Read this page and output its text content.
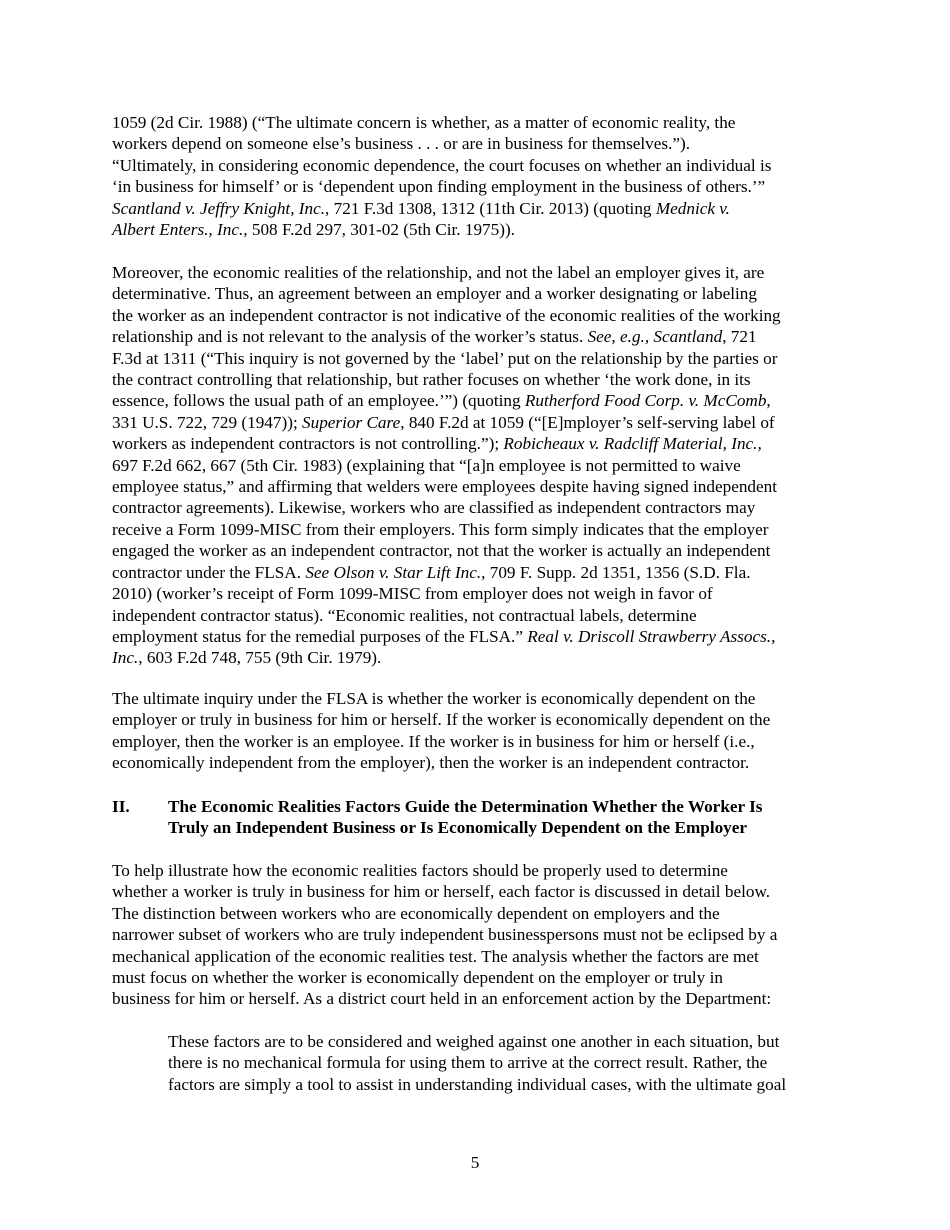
1059 (2d Cir. 1988) (“The ultimate concern is whether, as a matter of economic reality, the
workers depend on someone else’s business . . . or are in business for themselves.”).
“Ultimately, in considering economic dependence, the court focuses on whether an individual is
‘in business for himself’ or is ‘dependent upon finding employment in the business of others.’”
Scantland v. Jeffry Knight, Inc., 721 F.3d 1308, 1312 (11th Cir. 2013) (quoting Mednick v.
Albert Enters., Inc., 508 F.2d 297, 301-02 (5th Cir. 1975)).
Moreover, the economic realities of the relationship, and not the label an employer gives it, are
determinative. Thus, an agreement between an employer and a worker designating or labeling
the worker as an independent contractor is not indicative of the economic realities of the working
relationship and is not relevant to the analysis of the worker’s status. See, e.g., Scantland, 721
F.3d at 1311 (“This inquiry is not governed by the ‘label’ put on the relationship by the parties or
the contract controlling that relationship, but rather focuses on whether ‘the work done, in its
essence, follows the usual path of an employee.’”) (quoting Rutherford Food Corp. v. McComb,
331 U.S. 722, 729 (1947)); Superior Care, 840 F.2d at 1059 (“[E]mployer’s self-serving label of
workers as independent contractors is not controlling.”); Robicheaux v. Radcliff Material, Inc.,
697 F.2d 662, 667 (5th Cir. 1983) (explaining that “[a]n employee is not permitted to waive
employee status,” and affirming that welders were employees despite having signed independent
contractor agreements). Likewise, workers who are classified as independent contractors may
receive a Form 1099-MISC from their employers. This form simply indicates that the employer
engaged the worker as an independent contractor, not that the worker is actually an independent
contractor under the FLSA. See Olson v. Star Lift Inc., 709 F. Supp. 2d 1351, 1356 (S.D. Fla.
2010) (worker’s receipt of Form 1099-MISC from employer does not weigh in favor of
independent contractor status). “Economic realities, not contractual labels, determine
employment status for the remedial purposes of the FLSA.” Real v. Driscoll Strawberry Assocs.,
Inc., 603 F.2d 748, 755 (9th Cir. 1979).
The ultimate inquiry under the FLSA is whether the worker is economically dependent on the
employer or truly in business for him or herself. If the worker is economically dependent on the
employer, then the worker is an employee. If the worker is in business for him or herself (i.e.,
economically independent from the employer), then the worker is an independent contractor.
II. The Economic Realities Factors Guide the Determination Whether the Worker Is
Truly an Independent Business or Is Economically Dependent on the Employer
To help illustrate how the economic realities factors should be properly used to determine
whether a worker is truly in business for him or herself, each factor is discussed in detail below.
The distinction between workers who are economically dependent on employers and the
narrower subset of workers who are truly independent businesspersons must not be eclipsed by a
mechanical application of the economic realities test. The analysis whether the factors are met
must focus on whether the worker is economically dependent on the employer or truly in
business for him or herself. As a district court held in an enforcement action by the Department:
These factors are to be considered and weighed against one another in each situation, but
there is no mechanical formula for using them to arrive at the correct result. Rather, the
factors are simply a tool to assist in understanding individual cases, with the ultimate goal
5
